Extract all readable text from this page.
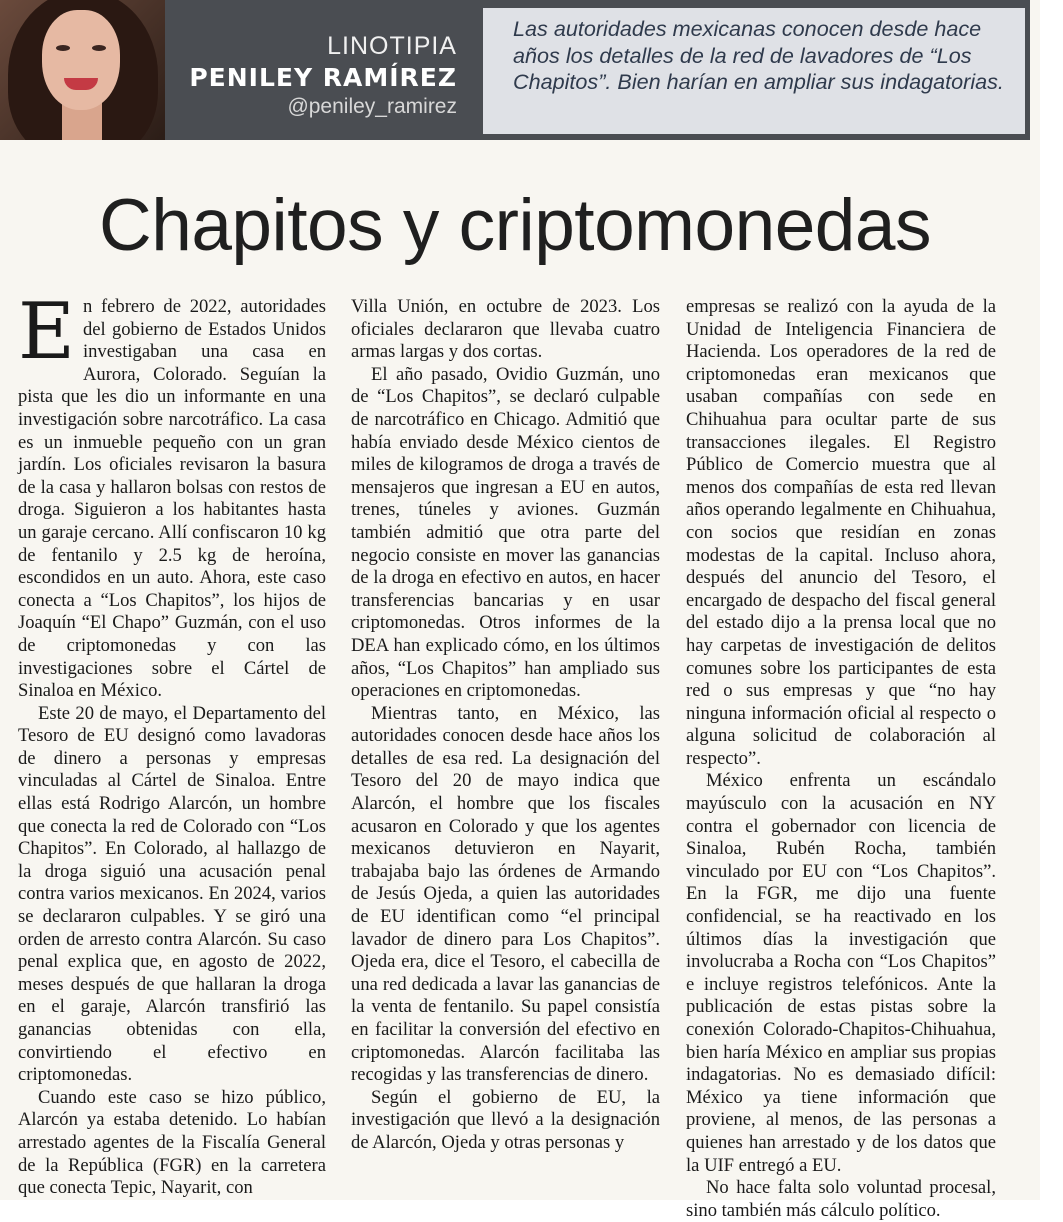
LINOTIPIA
PENILEY RAMÍREZ
@peniley_ramirez
Las autoridades mexicanas conocen desde hace años los detalles de la red de lavadores de “Los Chapitos”. Bien harían en ampliar sus indagatorias.
Chapitos y criptomonedas

En febrero de 2022, autoridades del gobierno de Estados Unidos investigaban una casa en Aurora, Colorado. Seguían la pista que les dio un informante en una investigación sobre narcotráfico. La casa es un inmueble pequeño con un gran jardín. Los oficiales revisaron la basura de la casa y hallaron bolsas con restos de droga. Siguieron a los habitantes hasta un garaje cercano. Allí confiscaron 10 kg de fentanilo y 2.5 kg de heroína, escondidos en un auto. Ahora, este caso conecta a “Los Chapitos”, los hijos de Joaquín “El Chapo” Guzmán, con el uso de criptomonedas y con las investigaciones sobre el Cártel de Sinaloa en México.

Este 20 de mayo, el Departamento del Tesoro de EU designó como lavadoras de dinero a personas y empresas vinculadas al Cártel de Sinaloa. Entre ellas está Rodrigo Alarcón, un hombre que conecta la red de Colorado con “Los Chapitos”. En Colorado, al hallazgo de la droga siguió una acusación penal contra varios mexicanos. En 2024, varios se declararon culpables. Y se giró una orden de arresto contra Alarcón. Su caso penal explica que, en agosto de 2022, meses después de que hallaran la droga en el garaje, Alarcón transfirió las ganancias obtenidas con ella, convirtiendo el efectivo en criptomonedas.

Cuando este caso se hizo público, Alarcón ya estaba detenido. Lo habían arrestado agentes de la Fiscalía General de la República (FGR) en la carretera que conecta Tepic, Nayarit, con

Villa Unión, en octubre de 2023. Los oficiales declararon que llevaba cuatro armas largas y dos cortas.

El año pasado, Ovidio Guzmán, uno de “Los Chapitos”, se declaró culpable de narcotráfico en Chicago. Admitió que había enviado desde México cientos de miles de kilogramos de droga a través de mensajeros que ingresan a EU en autos, trenes, túneles y aviones. Guzmán también admitió que otra parte del negocio consiste en mover las ganancias de la droga en efectivo en autos, en hacer transferencias bancarias y en usar criptomonedas. Otros informes de la DEA han explicado cómo, en los últimos años, “Los Chapitos” han ampliado sus operaciones en criptomonedas.

Mientras tanto, en México, las autoridades conocen desde hace años los detalles de esa red. La designación del Tesoro del 20 de mayo indica que Alarcón, el hombre que los fiscales acusaron en Colorado y que los agentes mexicanos detuvieron en Nayarit, trabajaba bajo las órdenes de Armando de Jesús Ojeda, a quien las autoridades de EU identifican como “el principal lavador de dinero para Los Chapitos”. Ojeda era, dice el Tesoro, el cabecilla de una red dedicada a lavar las ganancias de la venta de fentanilo. Su papel consistía en facilitar la conversión del efectivo en criptomonedas. Alarcón facilitaba las recogidas y las transferencias de dinero.

Según el gobierno de EU, la investigación que llevó a la designación de Alarcón, Ojeda y otras personas y

empresas se realizó con la ayuda de la Unidad de Inteligencia Financiera de Hacienda. Los operadores de la red de criptomonedas eran mexicanos que usaban compañías con sede en Chihuahua para ocultar parte de sus transacciones ilegales. El Registro Público de Comercio muestra que al menos dos compañías de esta red llevan años operando legalmente en Chihuahua, con socios que residían en zonas modestas de la capital. Incluso ahora, después del anuncio del Tesoro, el encargado de despacho del fiscal general del estado dijo a la prensa local que no hay carpetas de investigación de delitos comunes sobre los participantes de esta red o sus empresas y que “no hay ninguna información oficial al respecto o alguna solicitud de colaboración al respecto”.

México enfrenta un escándalo mayúsculo con la acusación en NY contra el gobernador con licencia de Sinaloa, Rubén Rocha, también vinculado por EU con “Los Chapitos”. En la FGR, me dijo una fuente confidencial, se ha reactivado en los últimos días la investigación que involucraba a Rocha con “Los Chapitos” e incluye registros telefónicos. Ante la publicación de estas pistas sobre la conexión Colorado-Chapitos-Chihuahua, bien haría México en ampliar sus propias indagatorias. No es demasiado difícil: México ya tiene información que proviene, al menos, de las personas a quienes han arrestado y de los datos que la UIF entregó a EU.

No hace falta solo voluntad procesal, sino también más cálculo político.
